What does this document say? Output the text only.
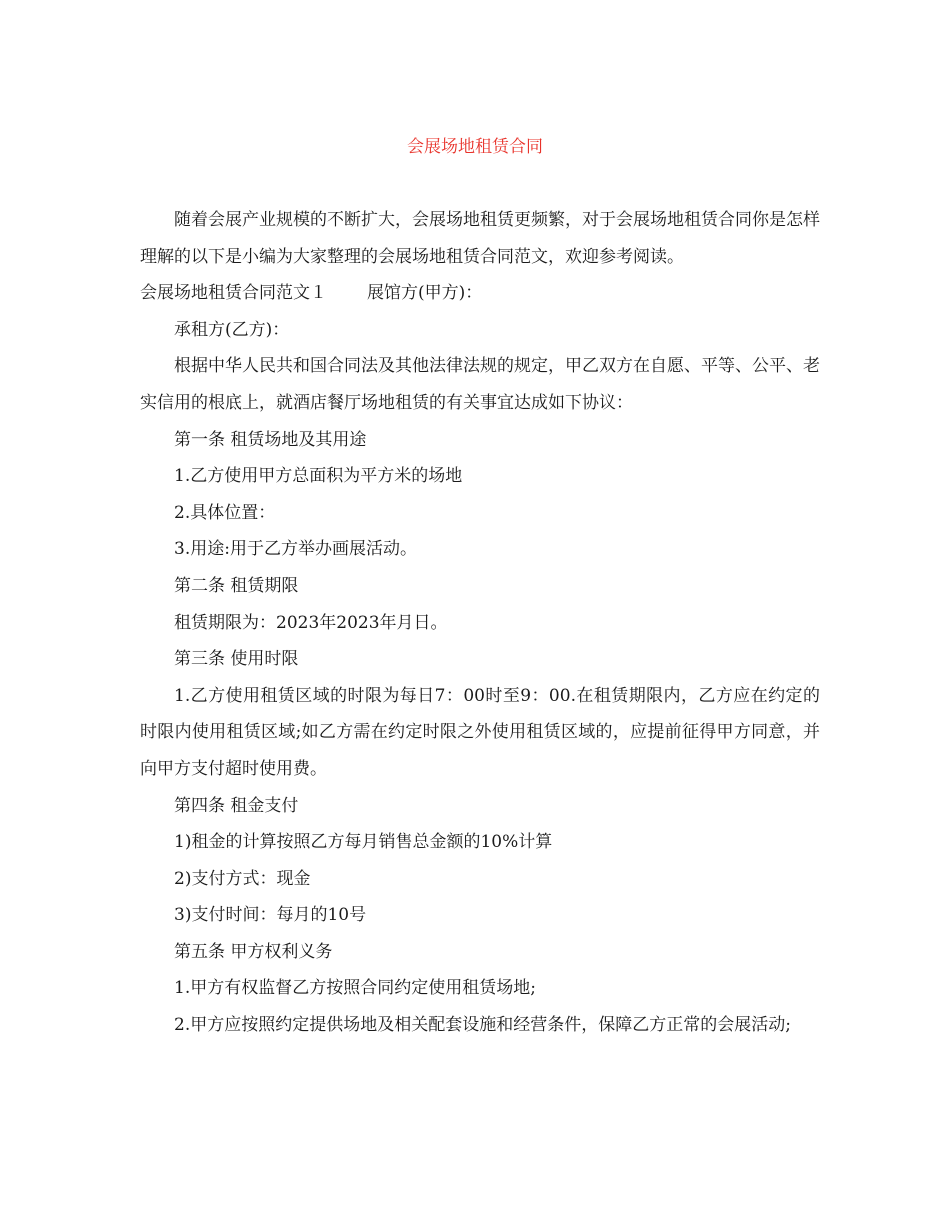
会展场地租赁合同

随着会展产业规模的不断扩大，会展场地租赁更频繁，对于会展场地租赁合同你是怎样理解的以下是小编为大家整理的会展场地租赁合同范文，欢迎参考阅读。

会展场地租赁合同范文１ 展馆方(甲方)：

承租方(乙方)：

根据中华人民共和国合同法及其他法律法规的规定，甲乙双方在自愿、平等、公平、老实信用的根底上，就酒店餐厅场地租赁的有关事宜达成如下协议：

第一条 租赁场地及其用途

1.乙方使用甲方总面积为平方米的场地

2.具体位置：

3.用途:用于乙方举办画展活动。

第二条 租赁期限

租赁期限为：2023年2023年月日。

第三条 使用时限

1.乙方使用租赁区域的时限为每日7：00时至9：00.在租赁期限内，乙方应在约定的时限内使用租赁区域;如乙方需在约定时限之外使用租赁区域的，应提前征得甲方同意，并向甲方支付超时使用费。

第四条 租金支付

1)租金的计算按照乙方每月销售总金额的10%计算

2)支付方式：现金

3)支付时间：每月的10号

第五条 甲方权利义务

1.甲方有权监督乙方按照合同约定使用租赁场地;

2.甲方应按照约定提供场地及相关配套设施和经营条件，保障乙方正常的会展活动;
